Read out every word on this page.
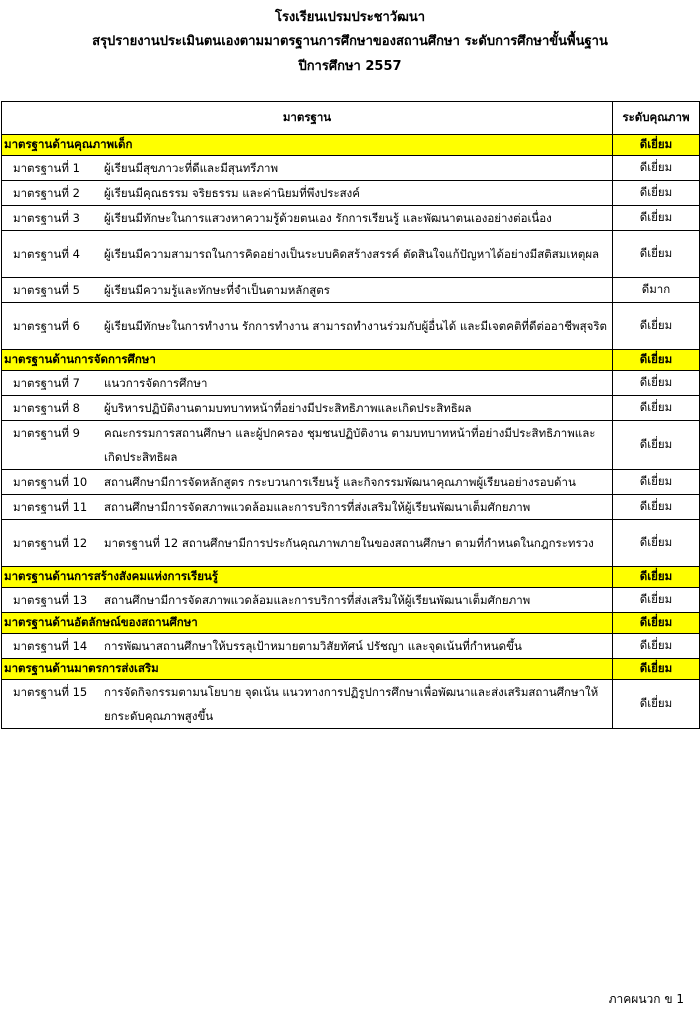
โรงเรียนเปรมประชาวัฒนา
สรุปรายงานประเมินตนเองตามมาตรฐานการศึกษาของสถานศึกษา ระดับการศึกษาขั้นพื้นฐาน
ปีการศึกษา 2557
มาตรฐาน	ระดับคุณภาพ
มาตรฐานด้านคุณภาพเด็ก	ดีเยี่ยม

มาตรฐานที่ 1 ผู้เรียนมีสุขภาวะที่ดีและมีสุนทรีภาพ	ดีเยี่ยม

มาตรฐานที่ 2 ผู้เรียนมีคุณธรรม จริยธรรม และค่านิยมที่พึงประสงค์	ดีเยี่ยม

มาตรฐานที่ 3 ผู้เรียนมีทักษะในการแสวงหาความรู้ด้วยตนเอง รักการเรียนรู้ และพัฒนาตนเองอย่างต่อเนื่อง	ดีเยี่ยม

มาตรฐานที่ 4 ผู้เรียนมีความสามารถในการคิดอย่างเป็นระบบคิดสร้างสรรค์ ตัดสินใจแก้ปัญหาได้อย่างมีสติสมเหตุผล	ดีเยี่ยม

มาตรฐานที่ 5 ผู้เรียนมีความรู้และทักษะที่จำเป็นตามหลักสูตร	ดีมาก

มาตรฐานที่ 6 ผู้เรียนมีทักษะในการทำงาน รักการทำงาน สามารถทำงานร่วมกับผู้อื่นได้ และมีเจตคติที่ดีต่ออาชีพสุจริต	ดีเยี่ยม
มาตรฐานด้านการจัดการศึกษา	ดีเยี่ยม

มาตรฐานที่ 7 แนวการจัดการศึกษา	ดีเยี่ยม

มาตรฐานที่ 8 ผู้บริหารปฏิบัติงานตามบทบาทหน้าที่อย่างมีประสิทธิภาพและเกิดประสิทธิผล	ดีเยี่ยม

มาตรฐานที่ 9 คณะกรรมการสถานศึกษา และผู้ปกครอง ชุมชนปฏิบัติงาน ตามบทบาทหน้าที่อย่างมีประสิทธิภาพและเกิดประสิทธิผล	ดีเยี่ยม

มาตรฐานที่ 10 สถานศึกษามีการจัดหลักสูตร กระบวนการเรียนรู้ และกิจกรรมพัฒนาคุณภาพผู้เรียนอย่างรอบด้าน	ดีเยี่ยม

มาตรฐานที่ 11 สถานศึกษามีการจัดสภาพแวดล้อมและการบริการที่ส่งเสริมให้ผู้เรียนพัฒนาเต็มศักยภาพ	ดีเยี่ยม

มาตรฐานที่ 12 มาตรฐานที่ 12 สถานศึกษามีการประกันคุณภาพภายในของสถานศึกษา ตามที่กำหนดในกฎกระทรวง	ดีเยี่ยม
มาตรฐานด้านการสร้างสังคมแห่งการเรียนรู้	ดีเยี่ยม

มาตรฐานที่ 13 สถานศึกษามีการจัดสภาพแวดล้อมและการบริการที่ส่งเสริมให้ผู้เรียนพัฒนาเต็มศักยภาพ	ดีเยี่ยม
มาตรฐานด้านอัตลักษณ์ของสถานศึกษา	ดีเยี่ยม

มาตรฐานที่ 14 การพัฒนาสถานศึกษาให้บรรลุเป้าหมายตามวิสัยทัศน์ ปรัชญา และจุดเน้นที่กำหนดขึ้น	ดีเยี่ยม
มาตรฐานด้านมาตรการส่งเสริม	ดีเยี่ยม

มาตรฐานที่ 15 การจัดกิจกรรมตามนโยบาย จุดเน้น แนวทางการปฏิรูปการศึกษาเพื่อพัฒนาและส่งเสริมสถานศึกษาให้ยกระดับคุณภาพสูงขึ้น	ดีเยี่ยม
ภาคผนวก ข 1
